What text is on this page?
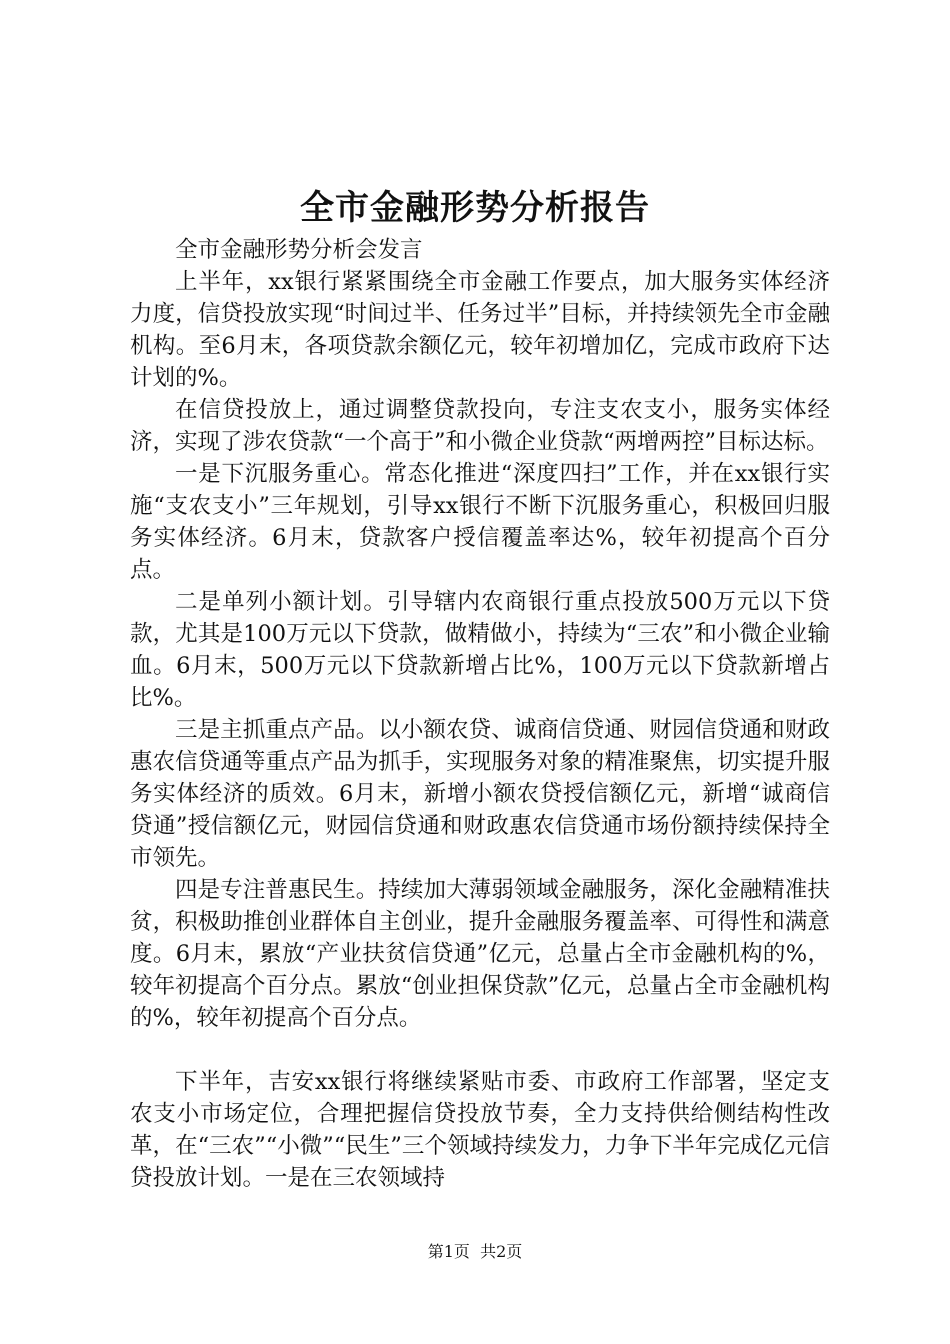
全市金融形势分析报告

全市金融形势分析会发言

上半年，xx银行紧紧围绕全市金融工作要点，加大服务实体经济力度，信贷投放实现“时间过半、任务过半”目标，并持续领先全市金融机构。至6月末，各项贷款余额亿元，较年初增加亿，完成市政府下达计划的%。

在信贷投放上，通过调整贷款投向，专注支农支小，服务实体经济，实现了涉农贷款“一个高于”和小微企业贷款“两增两控”目标达标。

一是下沉服务重心。常态化推进“深度四扫”工作，并在xx银行实施“支农支小”三年规划，引导xx银行不断下沉服务重心，积极回归服务实体经济。6月末，贷款客户授信覆盖率达%，较年初提高个百分点。

二是单列小额计划。引导辖内农商银行重点投放500万元以下贷款，尤其是100万元以下贷款，做精做小，持续为“三农”和小微企业输血。6月末，500万元以下贷款新增占比%，100万元以下贷款新增占比%。

三是主抓重点产品。以小额农贷、诚商信贷通、财园信贷通和财政惠农信贷通等重点产品为抓手，实现服务对象的精准聚焦，切实提升服务实体经济的质效。6月末，新增小额农贷授信额亿元，新增“诚商信贷通”授信额亿元，财园信贷通和财政惠农信贷通市场份额持续保持全市领先。

四是专注普惠民生。持续加大薄弱领域金融服务，深化金融精准扶贫，积极助推创业群体自主创业，提升金融服务覆盖率、可得性和满意度。6月末，累放“产业扶贫信贷通”亿元，总量占全市金融机构的%，较年初提高个百分点。累放“创业担保贷款”亿元，总量占全市金融机构的%，较年初提高个百分点。

下半年，吉安xx银行将继续紧贴市委、市政府工作部署，坚定支农支小市场定位，合理把握信贷投放节奏，全力支持供给侧结构性改革，在“三农”“小微”“民生”三个领域持续发力，力争下半年完成亿元信贷投放计划。一是在三农领域持

第1页  共2页
